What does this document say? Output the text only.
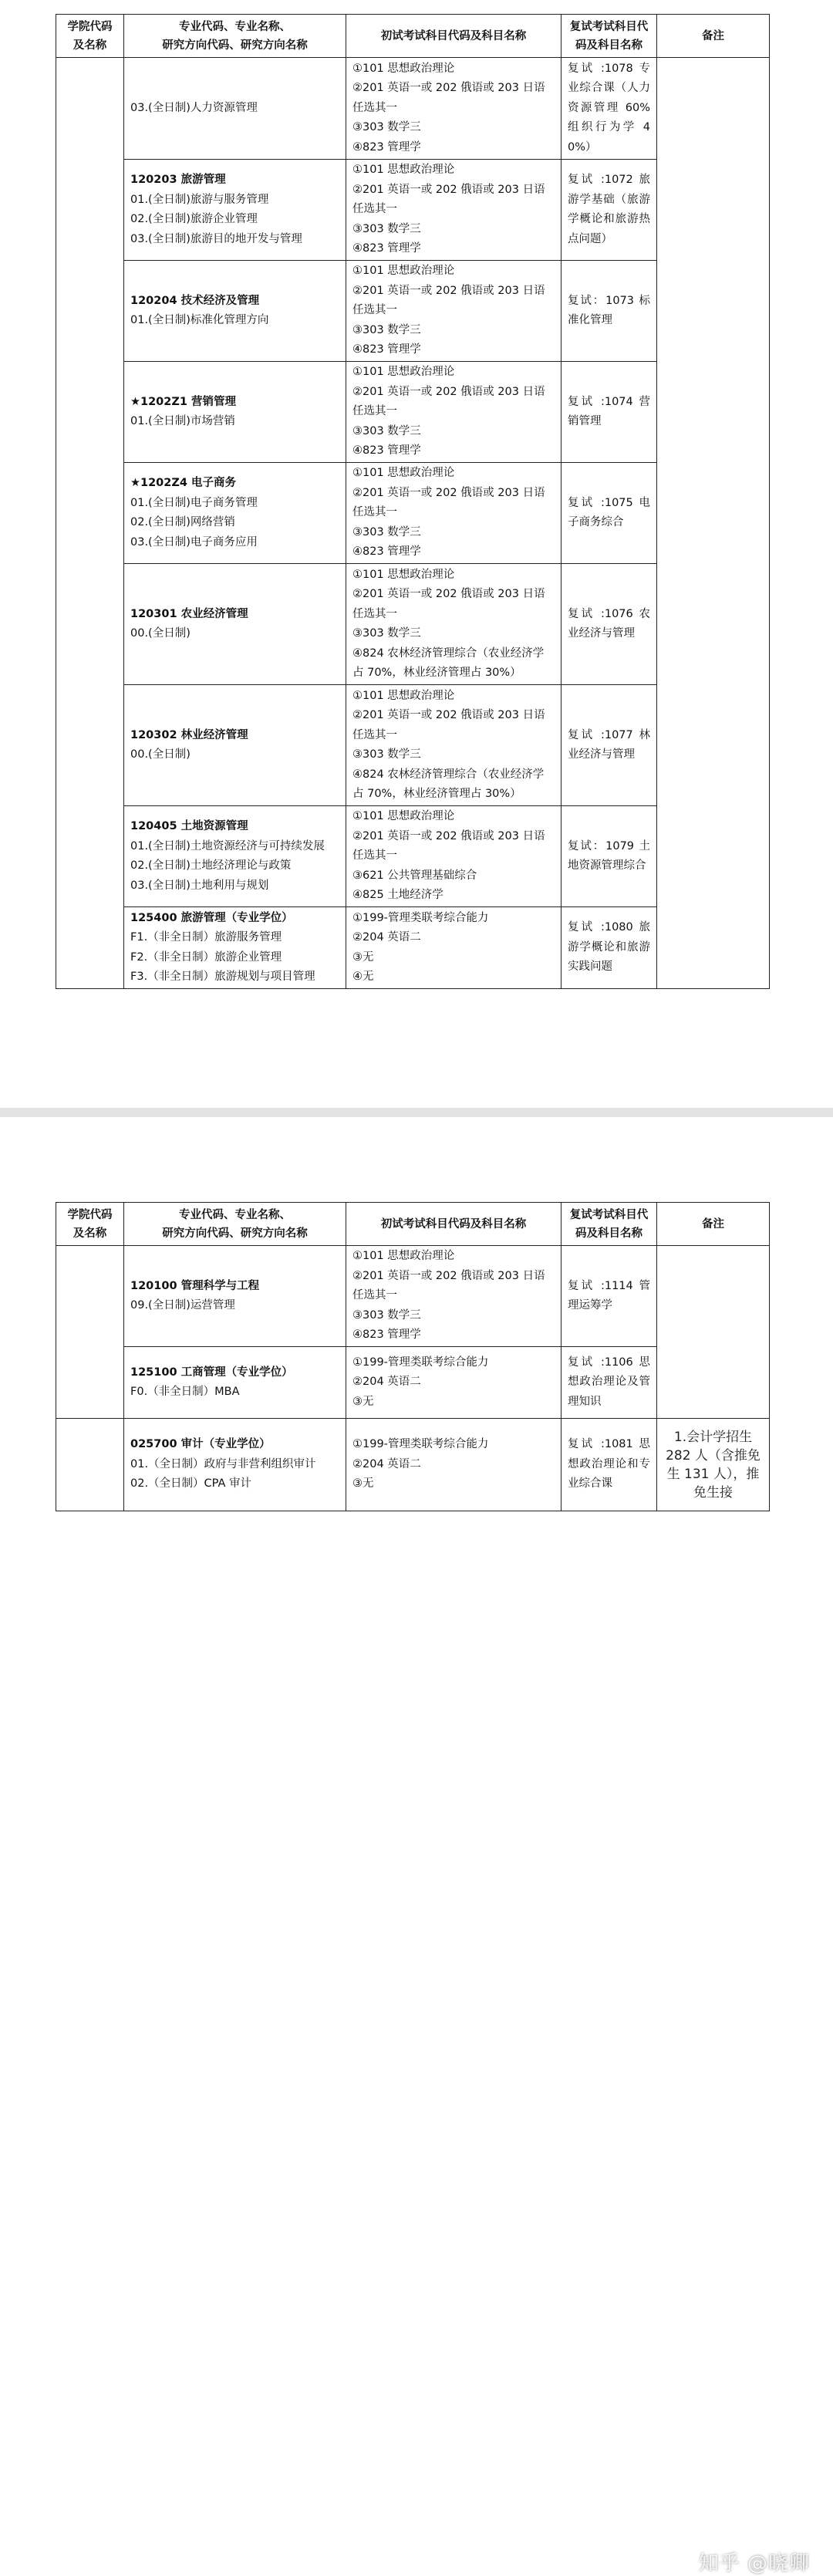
学院代码及名称	专业代码、专业名称、
研究方向代码、研究方向名称	初试考试科目代码及科目名称	复试考试科目代码及科目名称	备注

	03.(全日制)人力资源管理	①101 思想政治理论
②201 英语一或 202 俄语或 203 日语任选其一
③303 数学三
④823 管理学	复试 :1078 专业综合课（人力资源管理 60% 组织行为学 40%）	

	120203 旅游管理
01.(全日制)旅游与服务管理
02.(全日制)旅游企业管理
03.(全日制)旅游目的地开发与管理	①101 思想政治理论
②201 英语一或 202 俄语或 203 日语任选其一
③303 数学三
④823 管理学	复试 :1072 旅游学基础（旅游学概论和旅游热点问题）	

	120204 技术经济及管理
01.(全日制)标准化管理方向	①101 思想政治理论
②201 英语一或 202 俄语或 203 日语任选其一
③303 数学三
④823 管理学	复试：1073 标准化管理	

	★1202Z1 营销管理
01.(全日制)市场营销	①101 思想政治理论
②201 英语一或 202 俄语或 203 日语任选其一
③303 数学三
④823 管理学	复试 :1074 营销管理	

	★1202Z4 电子商务
01.(全日制)电子商务管理
02.(全日制)网络营销
03.(全日制)电子商务应用	①101 思想政治理论
②201 英语一或 202 俄语或 203 日语任选其一
③303 数学三
④823 管理学	复试 :1075 电子商务综合	

	120301 农业经济管理
00.(全日制)	①101 思想政治理论
②201 英语一或 202 俄语或 203 日语任选其一
③303 数学三
④824 农林经济管理综合（农业经济学占 70%，林业经济管理占 30%）	复试 :1076 农业经济与管理	

	120302 林业经济管理
00.(全日制)	①101 思想政治理论
②201 英语一或 202 俄语或 203 日语任选其一
③303 数学三
④824 农林经济管理综合（农业经济学占 70%，林业经济管理占 30%）	复试 :1077 林业经济与管理	

	120405 土地资源管理
01.(全日制)土地资源经济与可持续发展
02.(全日制)土地经济理论与政策
03.(全日制)土地利用与规划	①101 思想政治理论
②201 英语一或 202 俄语或 203 日语任选其一
③621 公共管理基础综合
④825 土地经济学	复试：1079 土地资源管理综合	

	125400 旅游管理（专业学位）
F1.（非全日制）旅游服务管理
F2.（非全日制）旅游企业管理
F3.（非全日制）旅游规划与项目管理	①199-管理类联考综合能力
②204 英语二
③无
④无	复试 :1080 旅游学概论和旅游实践问题	
学院代码及名称	专业代码、专业名称、
研究方向代码、研究方向名称	初试考试科目代码及科目名称	复试考试科目代码及科目名称	备注

	120100 管理科学与工程
09.(全日制)运营管理	①101 思想政治理论
②201 英语一或 202 俄语或 203 日语任选其一
③303 数学三
④823 管理学	复试 :1114 管理运筹学	

	125100 工商管理（专业学位）
F0.（非全日制）MBA	①199-管理类联考综合能力
②204 英语二
③无	复试 :1106 思想政治理论及管理知识	

	025700 审计（专业学位）
01.（全日制）政府与非营利组织审计
02.（全日制）CPA 审计	①199-管理类联考综合能力
②204 英语二
③无	复试 :1081 思想政治理论和专业综合课	1.会计学招生 282 人（含推免生 131 人），推免生接
知乎 @晓卿
